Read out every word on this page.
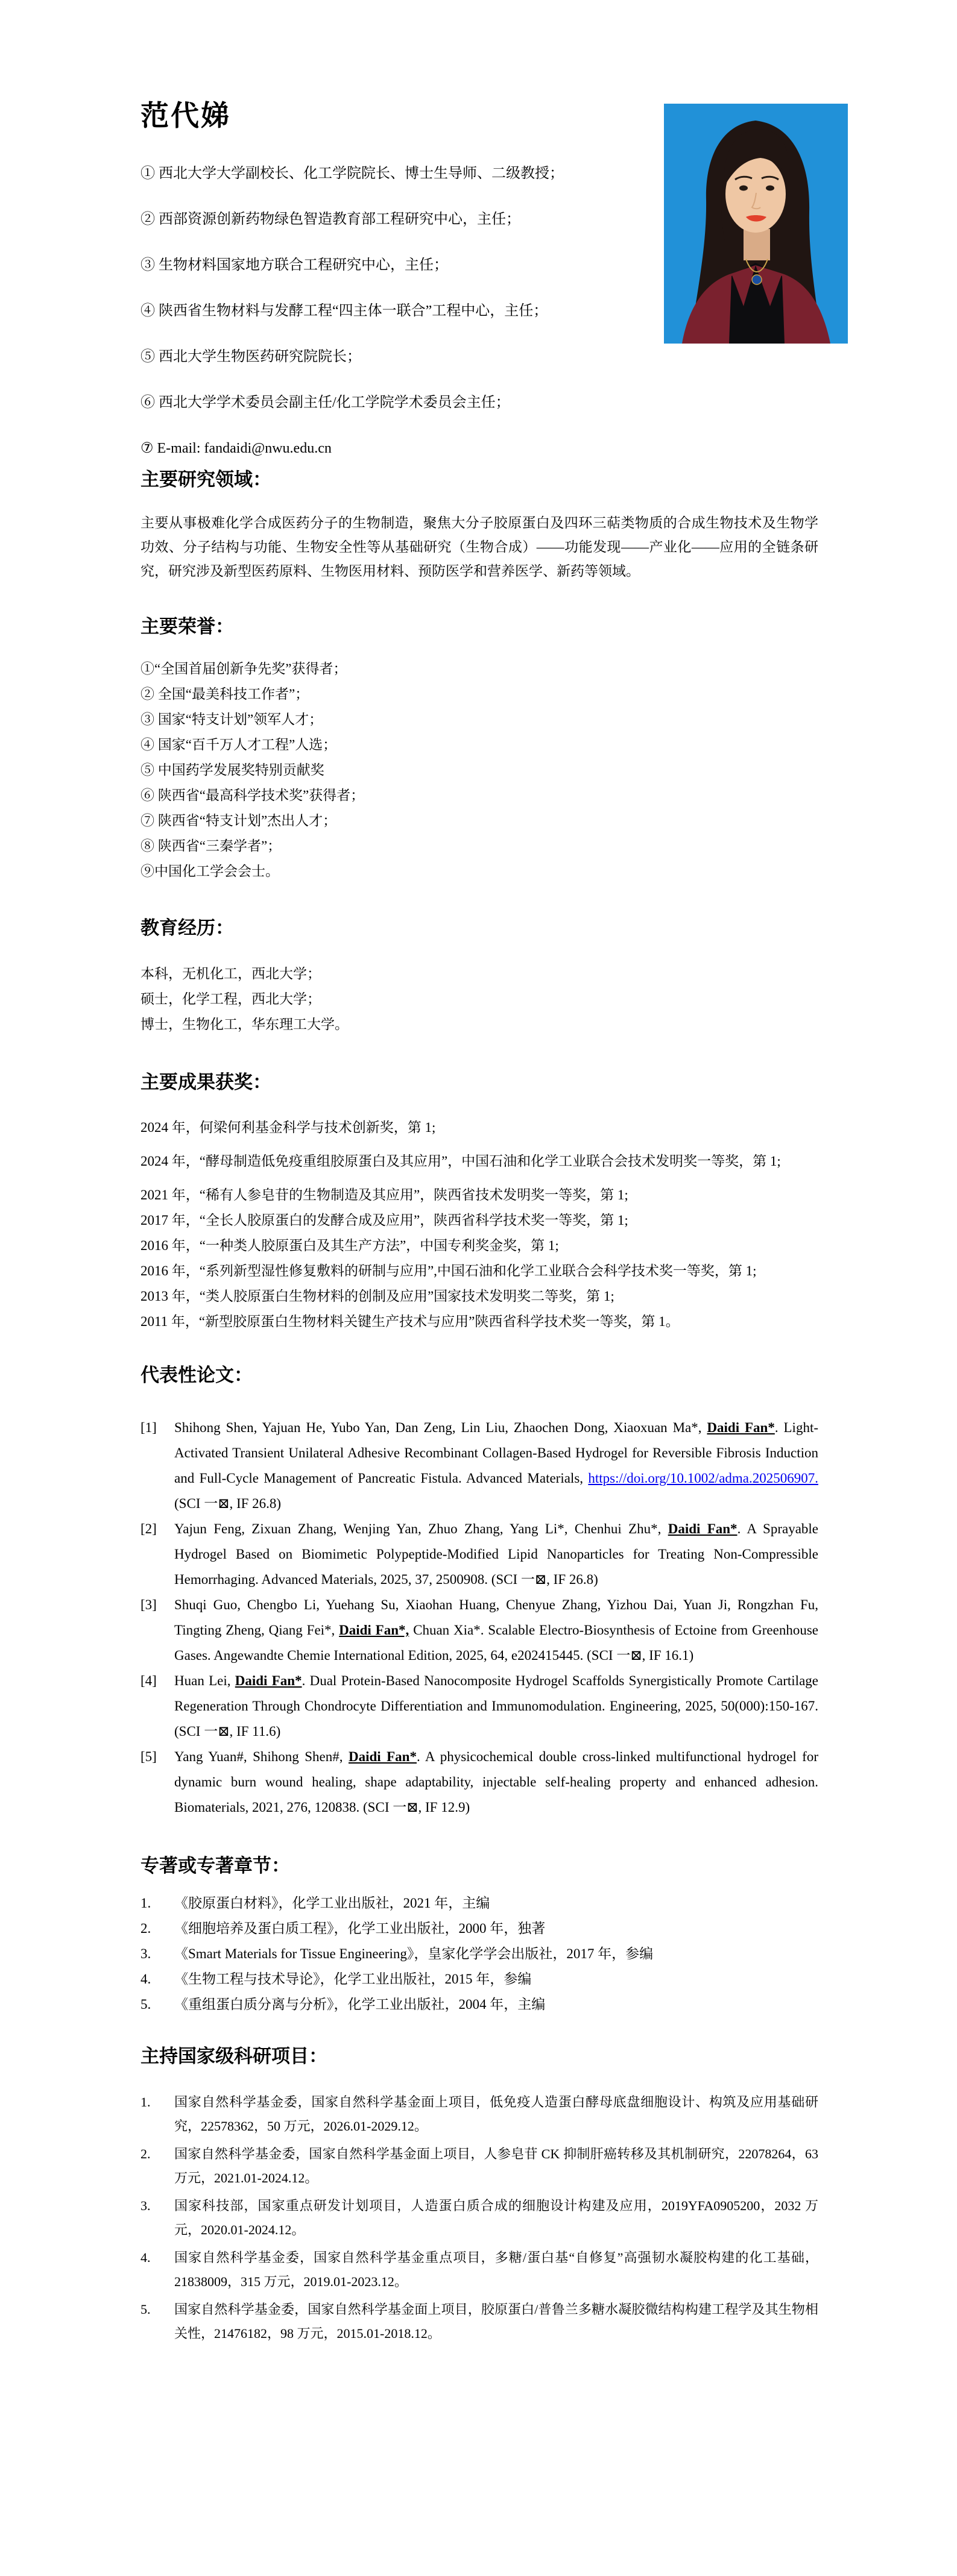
范代娣
① 西北大学大学副校长、化工学院院长、博士生导师、二级教授；
② 西部资源创新药物绿色智造教育部工程研究中心，主任；
③ 生物材料国家地方联合工程研究中心，主任；
④ 陕西省生物材料与发酵工程“四主体一联合”工程中心，主任；
⑤ 西北大学生物医药研究院院长；
⑥ 西北大学学术委员会副主任/化工学院学术委员会主任；
⑦ E-mail: fandaidi@nwu.edu.cn
主要研究领域：

主要从事极难化学合成医药分子的生物制造，聚焦大分子胶原蛋白及四环三萜类物质的合成生物技术及生物学功效、分子结构与功能、生物安全性等从基础研究（生物合成）——功能发现——产业化——应用的全链条研究，研究涉及新型医药原料、生物医用材料、预防医学和营养医学、新药等领域。

主要荣誉：
①“全国首届创新争先奖”获得者；
② 全国“最美科技工作者”；
③ 国家“特支计划”领军人才；
④ 国家“百千万人才工程”人选；
⑤ 中国药学发展奖特别贡献奖
⑥ 陕西省“最高科学技术奖”获得者；
⑦ 陕西省“特支计划”杰出人才；
⑧ 陕西省“三秦学者”；
⑨中国化工学会会士。
教育经历：
本科，无机化工，西北大学；
硕士，化学工程，西北大学；
博士，生物化工，华东理工大学。
主要成果获奖：

2024 年，何梁何利基金科学与技术创新奖，第 1;

2024 年，“酵母制造低免疫重组胶原蛋白及其应用”，中国石油和化学工业联合会技术发明奖一等奖，第 1;

2021 年，“稀有人参皂苷的生物制造及其应用”，陕西省技术发明奖一等奖，第 1;

2017 年，“全长人胶原蛋白的发酵合成及应用”，陕西省科学技术奖一等奖，第 1;

2016 年，“一种类人胶原蛋白及其生产方法”，中国专利奖金奖，第 1;

2016 年，“系列新型湿性修复敷料的研制与应用”,中国石油和化学工业联合会科学技术奖一等奖，第 1;

2013 年，“类人胶原蛋白生物材料的创制及应用”国家技术发明奖二等奖，第 1;

2011 年，“新型胶原蛋白生物材料关键生产技术与应用”陕西省科学技术奖一等奖，第 1。

代表性论文：
[1] Shihong Shen, Yajuan He, Yubo Yan, Dan Zeng, Lin Liu, Zhaochen Dong, Xiaoxuan Ma*, Daidi Fan*. Light-Activated Transient Unilateral Adhesive Recombinant Collagen-Based Hydrogel for Reversible Fibrosis Induction and Full-Cycle Management of Pancreatic Fistula. Advanced Materials, https://doi.org/10.1002/adma.202506907. (SCI 一⊠, IF 26.8)
[2] Yajun Feng, Zixuan Zhang, Wenjing Yan, Zhuo Zhang, Yang Li*, Chenhui Zhu*, Daidi Fan*. A Sprayable Hydrogel Based on Biomimetic Polypeptide-Modified Lipid Nanoparticles for Treating Non-Compressible Hemorrhaging. Advanced Materials, 2025, 37, 2500908. (SCI 一⊠, IF 26.8)
[3] Shuqi Guo, Chengbo Li, Yuehang Su, Xiaohan Huang, Chenyue Zhang, Yizhou Dai, Yuan Ji, Rongzhan Fu, Tingting Zheng, Qiang Fei*, Daidi Fan*, Chuan Xia*. Scalable Electro-Biosynthesis of Ectoine from Greenhouse Gases. Angewandte Chemie International Edition, 2025, 64, e202415445. (SCI 一⊠, IF 16.1)
[4] Huan Lei, Daidi Fan*. Dual Protein-Based Nanocomposite Hydrogel Scaffolds Synergistically Promote Cartilage Regeneration Through Chondrocyte Differentiation and Immunomodulation. Engineering, 2025, 50(000):150-167. (SCI 一⊠, IF 11.6)
[5] Yang Yuan#, Shihong Shen#, Daidi Fan*. A physicochemical double cross-linked multifunctional hydrogel for dynamic burn wound healing, shape adaptability, injectable self-healing property and enhanced adhesion. Biomaterials, 2021, 276, 120838. (SCI 一⊠, IF 12.9)
专著或专著章节：
1. 《胶原蛋白材料》，化学工业出版社，2021 年，主编
2. 《细胞培养及蛋白质工程》，化学工业出版社，2000 年，独著
3. 《Smart Materials for Tissue Engineering》，皇家化学学会出版社，2017 年，参编
4. 《生物工程与技术导论》，化学工业出版社，2015 年，参编
5. 《重组蛋白质分离与分析》，化学工业出版社，2004 年，主编
主持国家级科研项目：
1. 国家自然科学基金委，国家自然科学基金面上项目，低免疫人造蛋白酵母底盘细胞设计、构筑及应用基础研究，22578362，50 万元，2026.01-2029.12。
2. 国家自然科学基金委，国家自然科学基金面上项目，人参皂苷 CK 抑制肝癌转移及其机制研究，22078264，63 万元，2021.01-2024.12。
3. 国家科技部，国家重点研发计划项目，人造蛋白质合成的细胞设计构建及应用，2019YFA0905200，2032 万元，2020.01-2024.12。
4. 国家自然科学基金委，国家自然科学基金重点项目，多糖/蛋白基“自修复”高强韧水凝胶构建的化工基础，21838009，315 万元，2019.01-2023.12。
5. 国家自然科学基金委，国家自然科学基金面上项目，胶原蛋白/普鲁兰多糖水凝胶微结构构建工程学及其生物相关性，21476182，98 万元，2015.01-2018.12。
